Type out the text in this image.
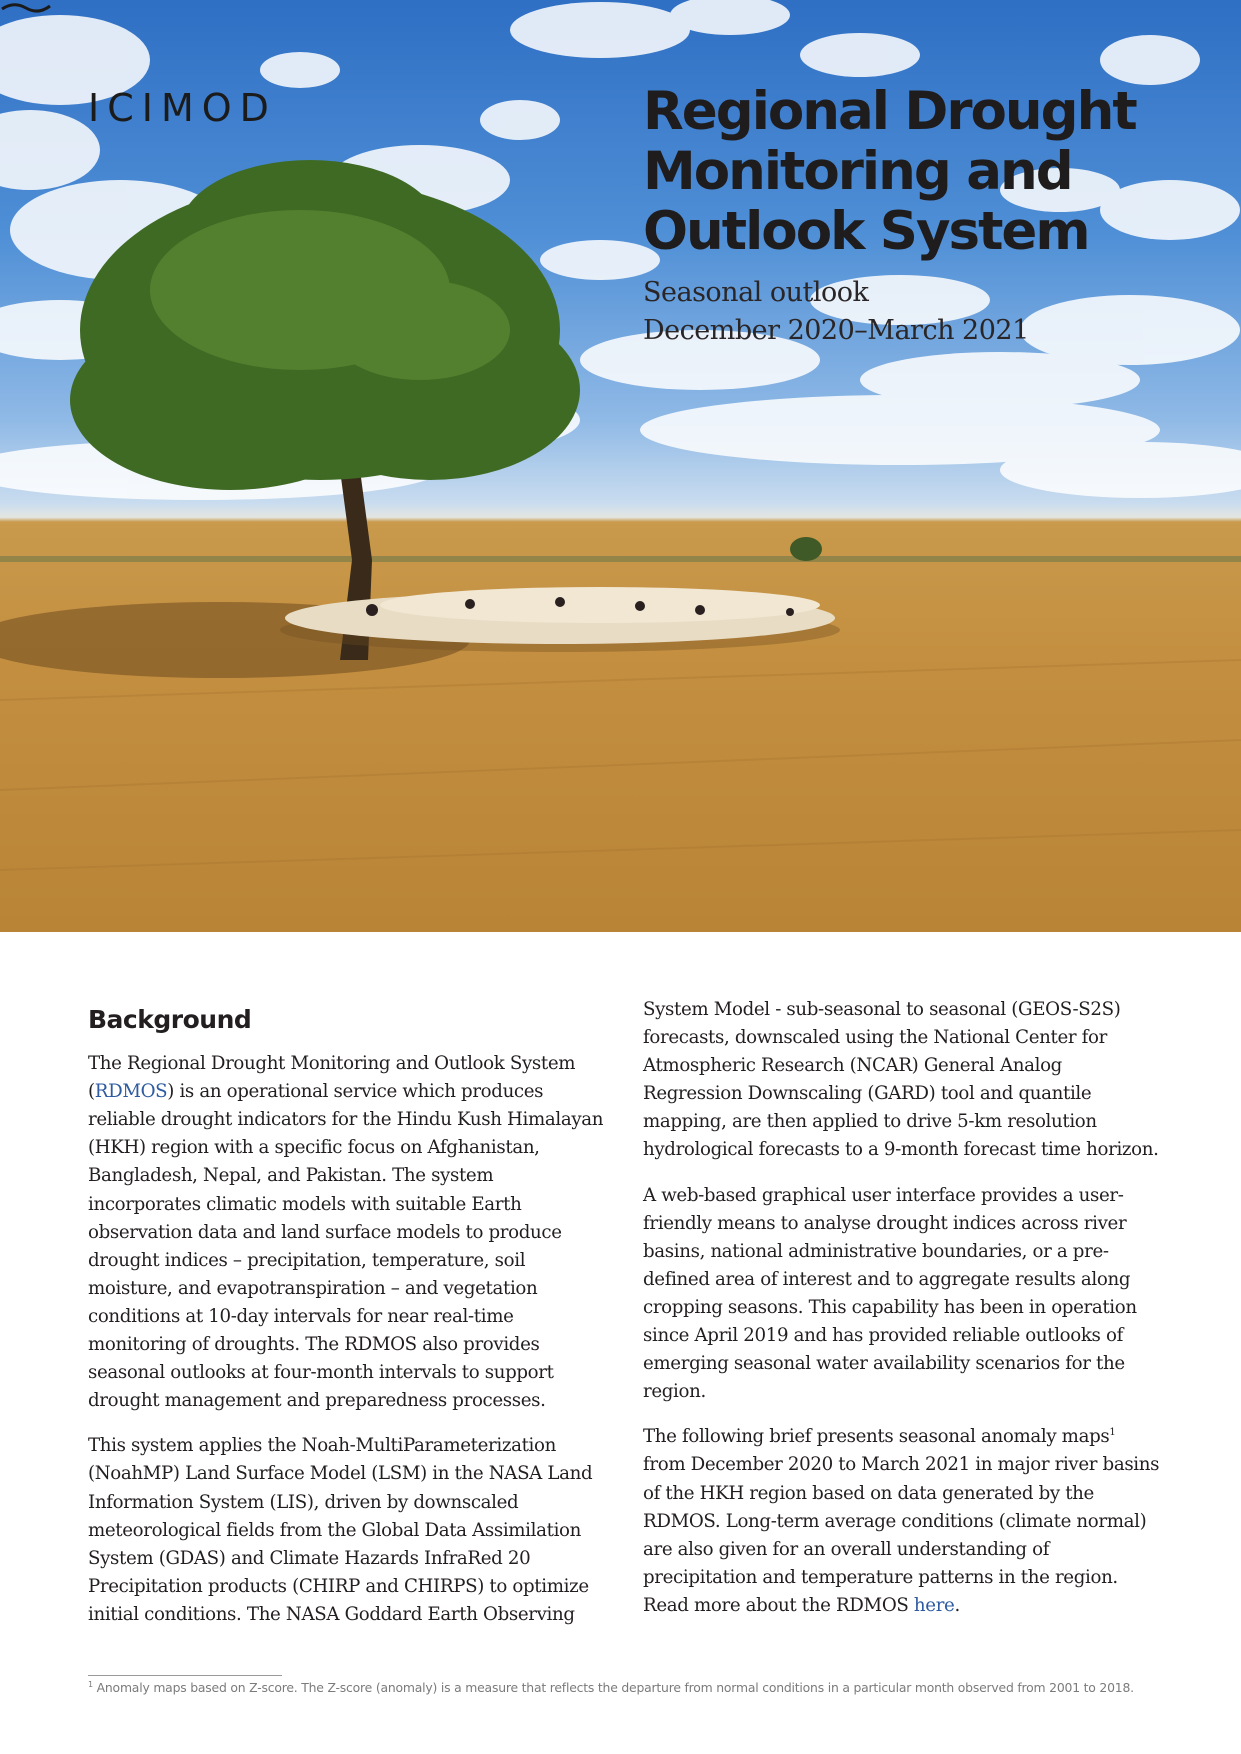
ICIMOD	Regional Drought
Monitoring and
Outlook System
Seasonal outlook
December 2020–March 2021
Background

The Regional Drought Monitoring and Outlook System (RDMOS) is an operational service which produces reliable drought indicators for the Hindu Kush Himalayan (HKH) region with a specific focus on Afghanistan, Bangladesh, Nepal, and Pakistan. The system incorporates climatic models with suitable Earth observation data and land surface models to produce drought indices – precipitation, temperature, soil moisture, and evapotranspiration – and vegetation conditions at 10-day intervals for near real-time monitoring of droughts. The RDMOS also provides seasonal outlooks at four-month intervals to support drought management and preparedness processes.

This system applies the Noah-MultiParameterization (NoahMP) Land Surface Model (LSM) in the NASA Land Information System (LIS), driven by downscaled meteorological fields from the Global Data Assimilation System (GDAS) and Climate Hazards InfraRed 20 Precipitation products (CHIRP and CHIRPS) to optimize initial conditions. The NASA Goddard Earth Observing

System Model - sub-seasonal to seasonal (GEOS-S2S) forecasts, downscaled using the National Center for Atmospheric Research (NCAR) General Analog Regression Downscaling (GARD) tool and quantile mapping, are then applied to drive 5-km resolution hydrological forecasts to a 9-month forecast time horizon.

A web-based graphical user interface provides a user-friendly means to analyse drought indices across river basins, national administrative boundaries, or a pre-defined area of interest and to aggregate results along cropping seasons. This capability has been in operation since April 2019 and has provided reliable outlooks of emerging seasonal water availability scenarios for the region.

The following brief presents seasonal anomaly maps$^1$ from December 2020 to March 2021 in major river basins of the HKH region based on data generated by the RDMOS. Long-term average conditions (climate normal) are also given for an overall understanding of precipitation and temperature patterns in the region. Read more about the RDMOS here.

$^1$ Anomaly maps based on Z-score. The Z-score (anomaly) is a measure that reflects the departure from normal conditions in a particular month observed from 2001 to 2018.
